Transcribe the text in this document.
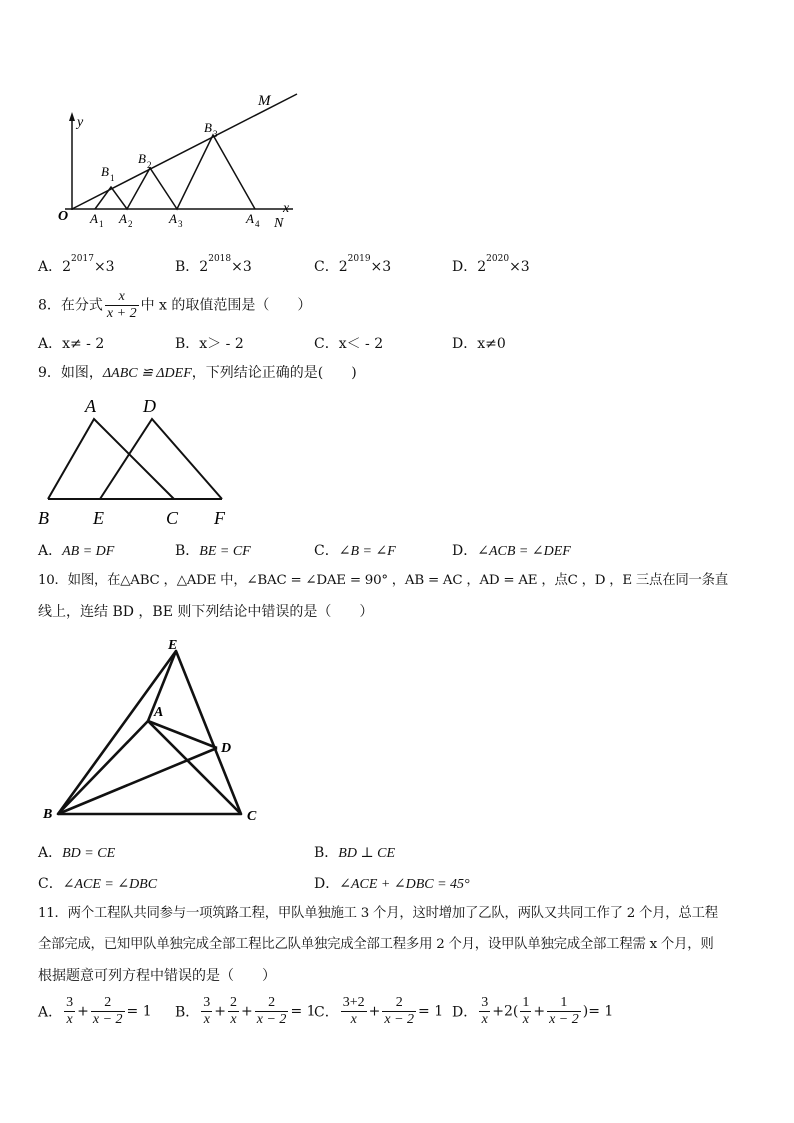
M
y
x
N
O
B 1
B 2
B 3
A 1 A 2	A 3	A 4
A．$2^{2017}\times 3$	B．$2^{2018}\times 3$	C．$2^{2019}\times 3$	D．$2^{2020}\times 3$
8．在分式 $\frac{x}{x + 2}$ 中 x 的取值范围是（　　）
A．x≠ - 2	B．x＞ - 2	C．x＜ - 2	D．x≠0
9．如图，ΔABC ≌ ΔDEF，下列结论正确的是(　　)
A	D
B E	C F
A．AB = DF	B．BE = CF	C．∠B = ∠F	D．∠ACB = ∠DEF
10．如图，在△ABC ，△ADE 中，∠BAC = ∠DAE = 90° ，AB = AC ，AD = AE ，点C ，D ，E 三点在同一条直
线上，连结 BD ，BE 则下列结论中错误的是（　　）
E
A
D
B	C
A．BD = CE	B．BD ⊥ CE
C．∠ACE = ∠DBC	D．∠ACE + ∠DBC = 45°
11．两个工程队共同参与一项筑路工程，甲队单独施工 3 个月，这时增加了乙队，两队又共同工作了 2 个月，总工程
全部完成，已知甲队单独完成全部工程比乙队单独完成全部工程多用 2 个月，设甲队单独完成全部工程需 x 个月，则
根据题意可列方程中错误的是（　　）
A． $\frac{3}{x} + \frac{2}{x - 2} = 1$ B． $\frac{3}{x} + \frac{2}{x} + \frac{2}{x - 2} = 1$
C． $\frac{3+2}{x} + \frac{2}{x - 2} = 1$ D． $\frac{3}{x} +2( \frac{1}{x} + \frac{1}{x - 2}$ )= 1
